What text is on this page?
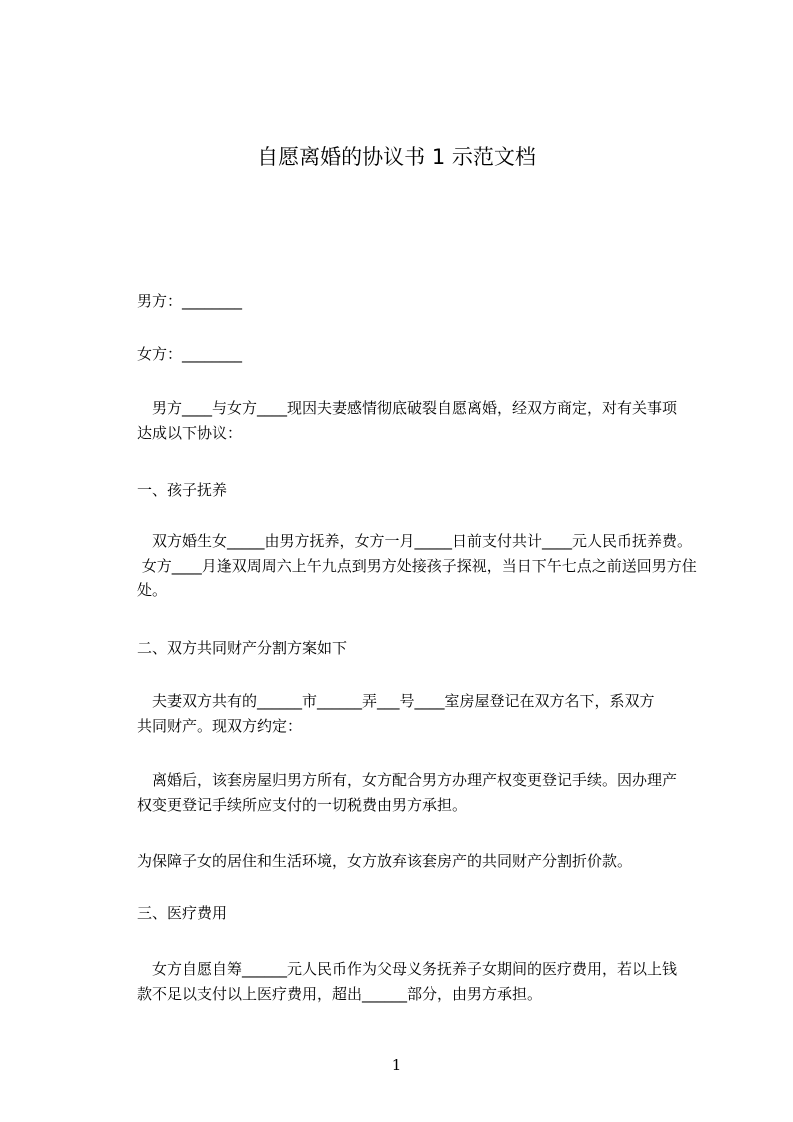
自愿离婚的协议书 1 示范文档

男方：________

女方：________

　男方____与女方____现因夫妻感情彻底破裂自愿离婚，经双方商定，对有关事项
达成以下协议：

一、孩子抚养

　双方婚生女_____由男方抚养，女方一月_____日前支付共计____元人民币抚养费。
女方____月逢双周周六上午九点到男方处接孩子探视，当日下午七点之前送回男方住
处。

二、双方共同财产分割方案如下

　夫妻双方共有的______市______弄___号____室房屋登记在双方名下，系双方
共同财产。现双方约定：

　离婚后，该套房屋归男方所有，女方配合男方办理产权变更登记手续。因办理产
权变更登记手续所应支付的一切税费由男方承担。

为保障子女的居住和生活环境，女方放弃该套房产的共同财产分割折价款。

三、医疗费用

　女方自愿自筹______元人民币作为父母义务抚养子女期间的医疗费用，若以上钱
款不足以支付以上医疗费用，超出______部分，由男方承担。

1
